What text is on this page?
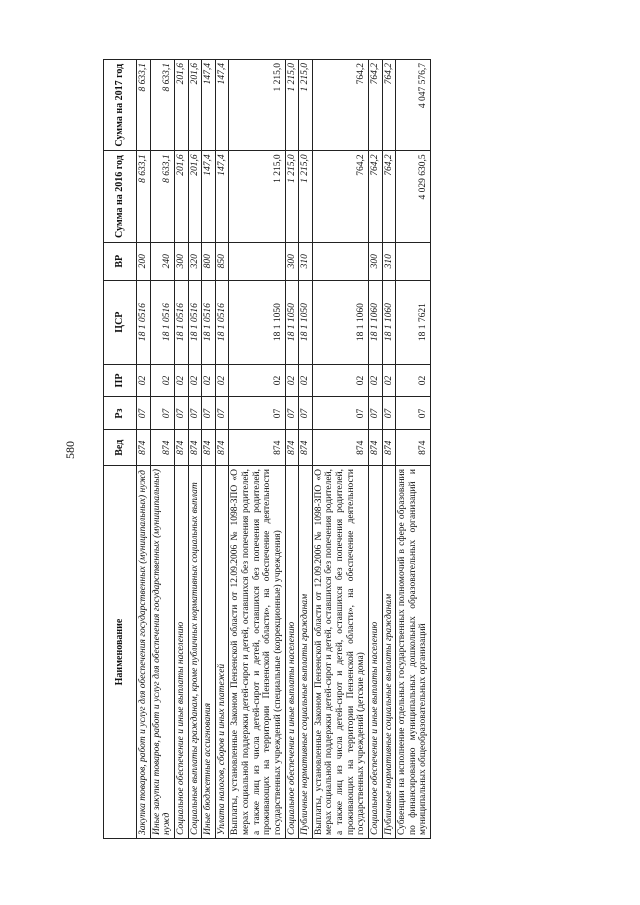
580
Наименование	Вед	Рз	ПР	ЦСР	ВР	Сумма на 2016 год	Сумма на 2017 год
Закупка товаров, работ и услуг для обеспечения государственных (муниципальных) нужд	874	07	02	18 1 0516	200	8 633,1	8 633,1
Иные закупки товаров, работ и услуг для обеспечения государственных (муниципальных) нужд	874	07	02	18 1 0516	240	8 633,1	8 633,1
Социальное обеспечение и иные выплаты населению	874	07	02	18 1 0516	300	201,6	201,6
Социальные выплаты гражданам, кроме публичных нормативных социальных выплат	874	07	02	18 1 0516	320	201,6	201,6
Иные бюджетные ассигнования	874	07	02	18 1 0516	800	147,4	147,4
Уплата налогов, сборов и иных платежей	874	07	02	18 1 0516	850	147,4	147,4
Выплаты, установленные Законом Пензенской области от 12.09.2006 № 1098-ЗПО «О мерах социальной поддержки детей-сирот и детей, оставшихся без попечения родителей, а также лиц из числа детей-сирот и детей, оставшихся без попечения родителей, проживающих на территории Пензенской области», на обеспечение деятельности государственных учреждений (специальные (коррекционные) учреждения)	874	07	02	18 1 1050		1 215,0	1 215,0
Социальное обеспечение и иные выплаты населению	874	07	02	18 1 1050	300	1 215,0	1 215,0
Публичные нормативные социальные выплаты гражданам	874	07	02	18 1 1050	310	1 215,0	1 215,0
Выплаты, установленные Законом Пензенской области от 12.09.2006 № 1098-ЗПО «О мерах социальной поддержки детей-сирот и детей, оставшихся без попечения родителей, а также лиц из числа детей-сирот и детей, оставшихся без попечения родителей, проживающих на территории Пензенской области», на обеспечение деятельности государственных учреждений (детские дома)	874	07	02	18 1 1060		764,2	764,2
Социальное обеспечение и иные выплаты населению	874	07	02	18 1 1060	300	764,2	764,2
Публичные нормативные социальные выплаты гражданам	874	07	02	18 1 1060	310	764,2	764,2
Субвенции на исполнение отдельных государственных полномочий в сфере образования по финансированию муниципальных дошкольных образовательных организаций и муниципальных общеобразовательных организаций	874	07	02	18 1 7621		4 029 630,5	4 047 576,7
